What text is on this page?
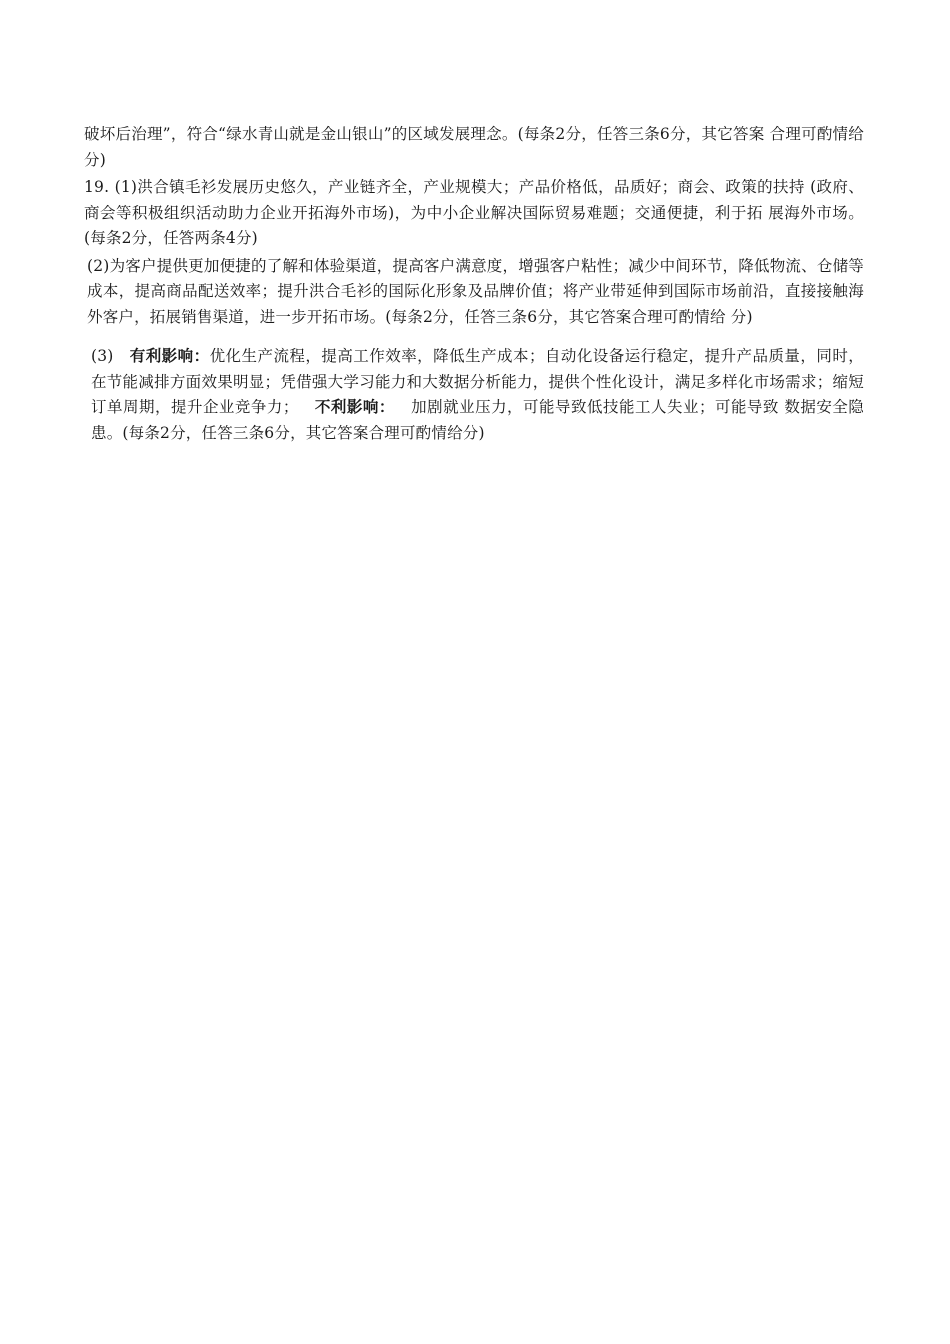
破坏后治理”，符合“绿水青山就是金山银山”的区域发展理念。(每条2分，任答三条6分，其它答案 合理可酌情给分)

19. (1)洪合镇毛衫发展历史悠久，产业链齐全，产业规模大；产品价格低，品质好；商会、政策的扶持 (政府、商会等积极组织活动助力企业开拓海外市场)，为中小企业解决国际贸易难题；交通便捷，利于拓 展海外市场。(每条2分，任答两条4分)

(2)为客户提供更加便捷的了解和体验渠道，提高客户满意度，增强客户粘性；减少中间环节，降低物流、仓储等成本，提高商品配送效率；提升洪合毛衫的国际化形象及品牌价值；将产业带延伸到国际市场前沿，直接接触海外客户，拓展销售渠道，进一步开拓市场。(每条2分，任答三条6分，其它答案合理可酌情给 分)

(3) 有利影响：优化生产流程，提高工作效率，降低生产成本；自动化设备运行稳定，提升产品质量，同时，在节能减排方面效果明显；凭借强大学习能力和大数据分析能力，提供个性化设计，满足多样化市场需求；缩短订单周期，提升企业竞争力； 不利影响： 加剧就业压力，可能导致低技能工人失业；可能导致 数据安全隐患。(每条2分，任答三条6分，其它答案合理可酌情给分)
